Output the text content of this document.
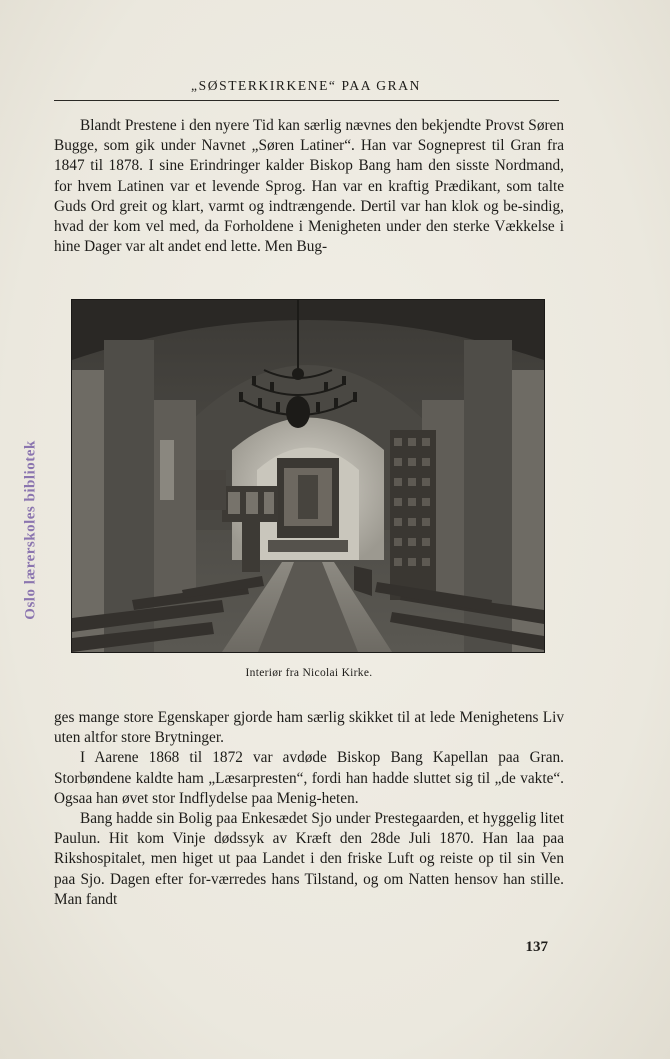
„SØSTERKIRKENE“ PAA GRAN

Blandt Prestene i den nyere Tid kan særlig nævnes den bekjendte Provst Søren Bugge, som gik under Navnet „Søren Latiner“. Han var Sogneprest til Gran fra 1847 til 1878. I sine Erindringer kalder Biskop Bang ham den sisste Nordmand, for hvem Latinen var et levende Sprog. Han var en kraftig Prædikant, som talte Guds Ord greit og klart, varmt og indtrængende. Dertil var han klok og be-sindig, hvad der kom vel med, da Forholdene i Menigheten under den sterke Vækkelse i hine Dager var alt andet end lette. Men Bug-

Interiør fra Nicolai Kirke.

ges mange store Egenskaper gjorde ham særlig skikket til at lede Menighetens Liv uten altfor store Brytninger.

I Aarene 1868 til 1872 var avdøde Biskop Bang Kapellan paa Gran. Storbøndene kaldte ham „Læsarpresten“, fordi han hadde sluttet sig til „de vakte“. Ogsaa han øvet stor Indflydelse paa Menig-heten.

Bang hadde sin Bolig paa Enkesædet Sjo under Prestegaarden, et hyggelig litet Paulun. Hit kom Vinje dødssyk av Kræft den 28de Juli 1870. Han laa paa Rikshospitalet, men higet ut paa Landet i den friske Luft og reiste op til sin Ven paa Sjo. Dagen efter for-værredes hans Tilstand, og om Natten hensov han stille. Man fandt

137
Oslo lærerskoles bibliotek
